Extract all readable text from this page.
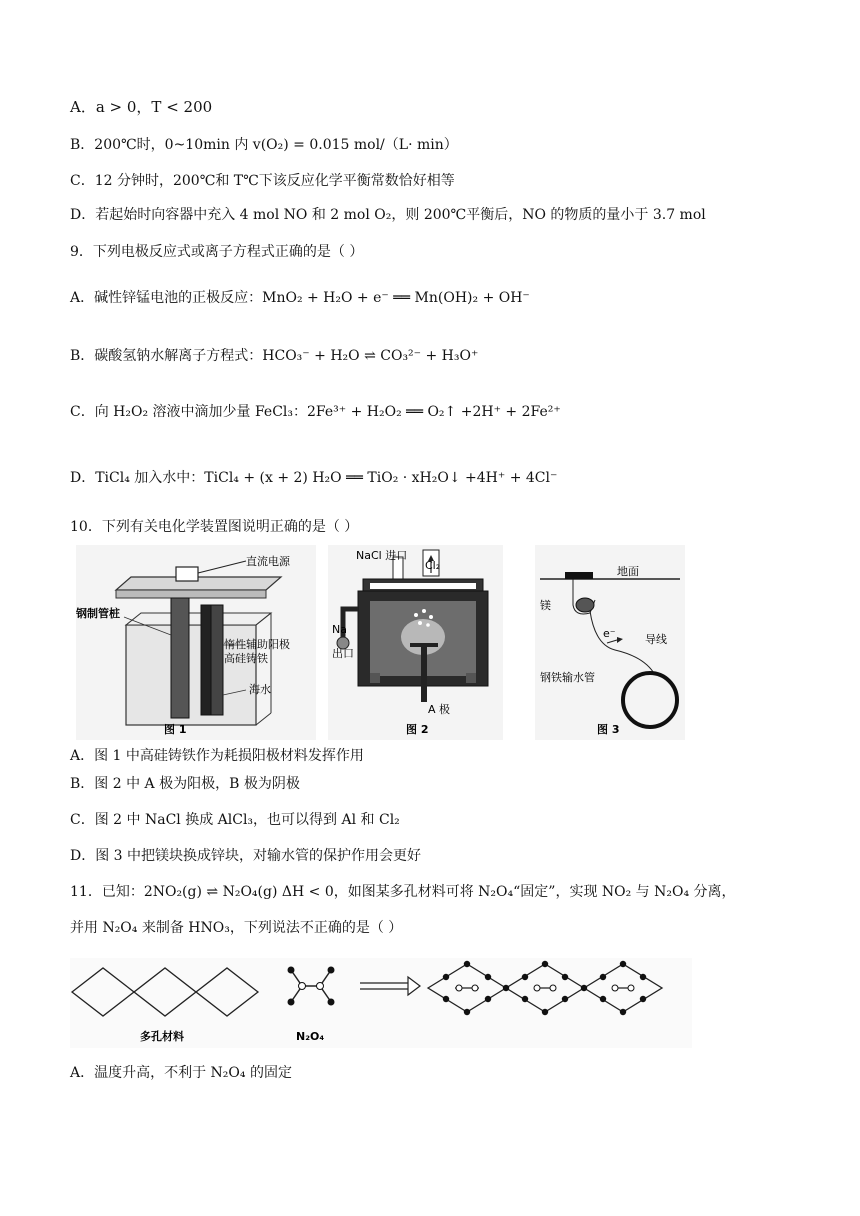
A．a > 0，T < 200
B．200℃时，0~10min 内 v(O₂) = 0.015 mol/（L· min）
C．12 分钟时，200℃和 T℃下该反应化学平衡常数恰好相等
D．若起始时向容器中充入 4 mol NO 和 2 mol O₂，则 200℃平衡后，NO 的物质的量小于 3.7 mol
9．下列电极反应式或离子方程式正确的是（ ）
A．碱性锌锰电池的正极反应：MnO₂ + H₂O + e⁻ ══ Mn(OH)₂ + OH⁻
B．碳酸氢钠水解离子方程式：HCO₃⁻ + H₂O ⇌ CO₃²⁻ + H₃O⁺
C．向 H₂O₂ 溶液中滴加少量 FeCl₃：2Fe³⁺ + H₂O₂ ══ O₂↑ +2H⁺ + 2Fe²⁺
D．TiCl₄ 加入水中：TiCl₄ + (x + 2) H₂O ══ TiO₂ · xH₂O↓ +4H⁺ + 4Cl⁻
10．下列有关电化学装置图说明正确的是（ ）
直流电源
钢制管桩
惰性辅助阳极
高硅铸铁
海水
图 1
NaCl 进口
Cl₂
Na
出口
A 极
图 2
地面
镁
e⁻	导线
钢铁输水管
图 3
A．图 1 中高硅铸铁作为耗损阳极材料发挥作用
B．图 2 中 A 极为阳极，B 极为阴极
C．图 2 中 NaCl 换成 AlCl₃，也可以得到 Al 和 Cl₂
D．图 3 中把镁块换成锌块，对输水管的保护作用会更好
11．已知：2NO₂(g) ⇌ N₂O₄(g) ΔH < 0，如图某多孔材料可将 N₂O₄“固定”，实现 NO₂ 与 N₂O₄ 分离，
并用 N₂O₄ 来制备 HNO₃，下列说法不正确的是（ ）
多孔材料	N₂O₄
A．温度升高，不利于 N₂O₄ 的固定
